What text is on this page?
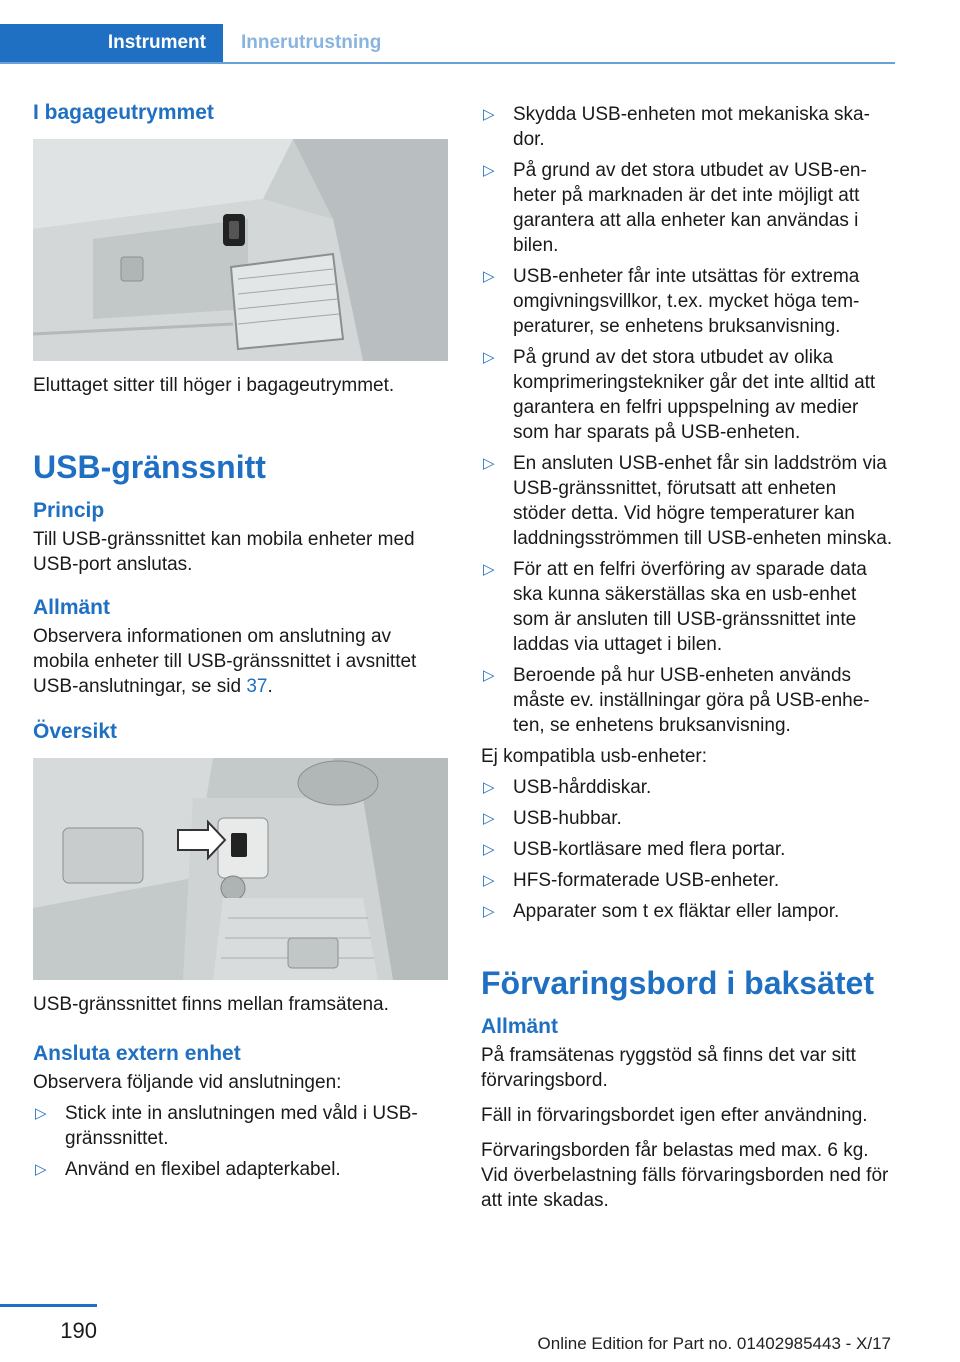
Instrument Innerutrustning
I bagageutrymmet

Eluttaget sitter till höger i bagageutrymmet.

USB-gränssnitt
Princip

Till USB-gränssnittet kan mobila enheter med USB-port anslutas.

Allmänt

Observera informationen om anslutning av mobila enheter till USB-gränssnittet i avsnittet USB-anslutningar, se sid 37.

Översikt

USB-gränssnittet finns mellan framsätena.

Ansluta extern enhet

Observera följande vid anslutningen:

▷ Stick inte in anslutningen med våld i USB-gränssnittet.
▷ Använd en flexibel adapterkabel.
▷ Skydda USB-enheten mot mekaniska skador.
▷ På grund av det stora utbudet av USB-enheter på marknaden är det inte möjligt att garantera att alla enheter kan användas i bilen.
▷ USB-enheter får inte utsättas för extrema omgivningsvillkor, t.ex. mycket höga temperaturer, se enhetens bruksanvisning.
▷ På grund av det stora utbudet av olika komprimeringstekniker går det inte alltid att garantera en felfri uppspelning av medier som har sparats på USB-enheten.
▷ En ansluten USB-enhet får sin laddström via USB-gränssnittet, förutsatt att enheten stöder detta. Vid högre temperaturer kan laddningsströmmen till USB-enheten minska.
▷ För att en felfri överföring av sparade data ska kunna säkerställas ska en usb-enhet som är ansluten till USB-gränssnittet inte laddas via uttaget i bilen.
▷ Beroende på hur USB-enheten används måste ev. inställningar göra på USB-enheten, se enhetens bruksanvisning.

Ej kompatibla usb-enheter:

▷ USB-hårddiskar.
▷ USB-hubbar.
▷ USB-kortläsare med flera portar.
▷ HFS-formaterade USB-enheter.
▷ Apparater som t ex fläktar eller lampor.
Förvaringsbord i baksätet
Allmänt

På framsätenas ryggstöd så finns det var sitt förvaringsbord.

Fäll in förvaringsbordet igen efter användning.

Förvaringsborden får belastas med max. 6 kg. Vid överbelastning fälls förvaringsborden ned för att inte skadas.

190
Online Edition for Part no. 01402985443 - X/17
